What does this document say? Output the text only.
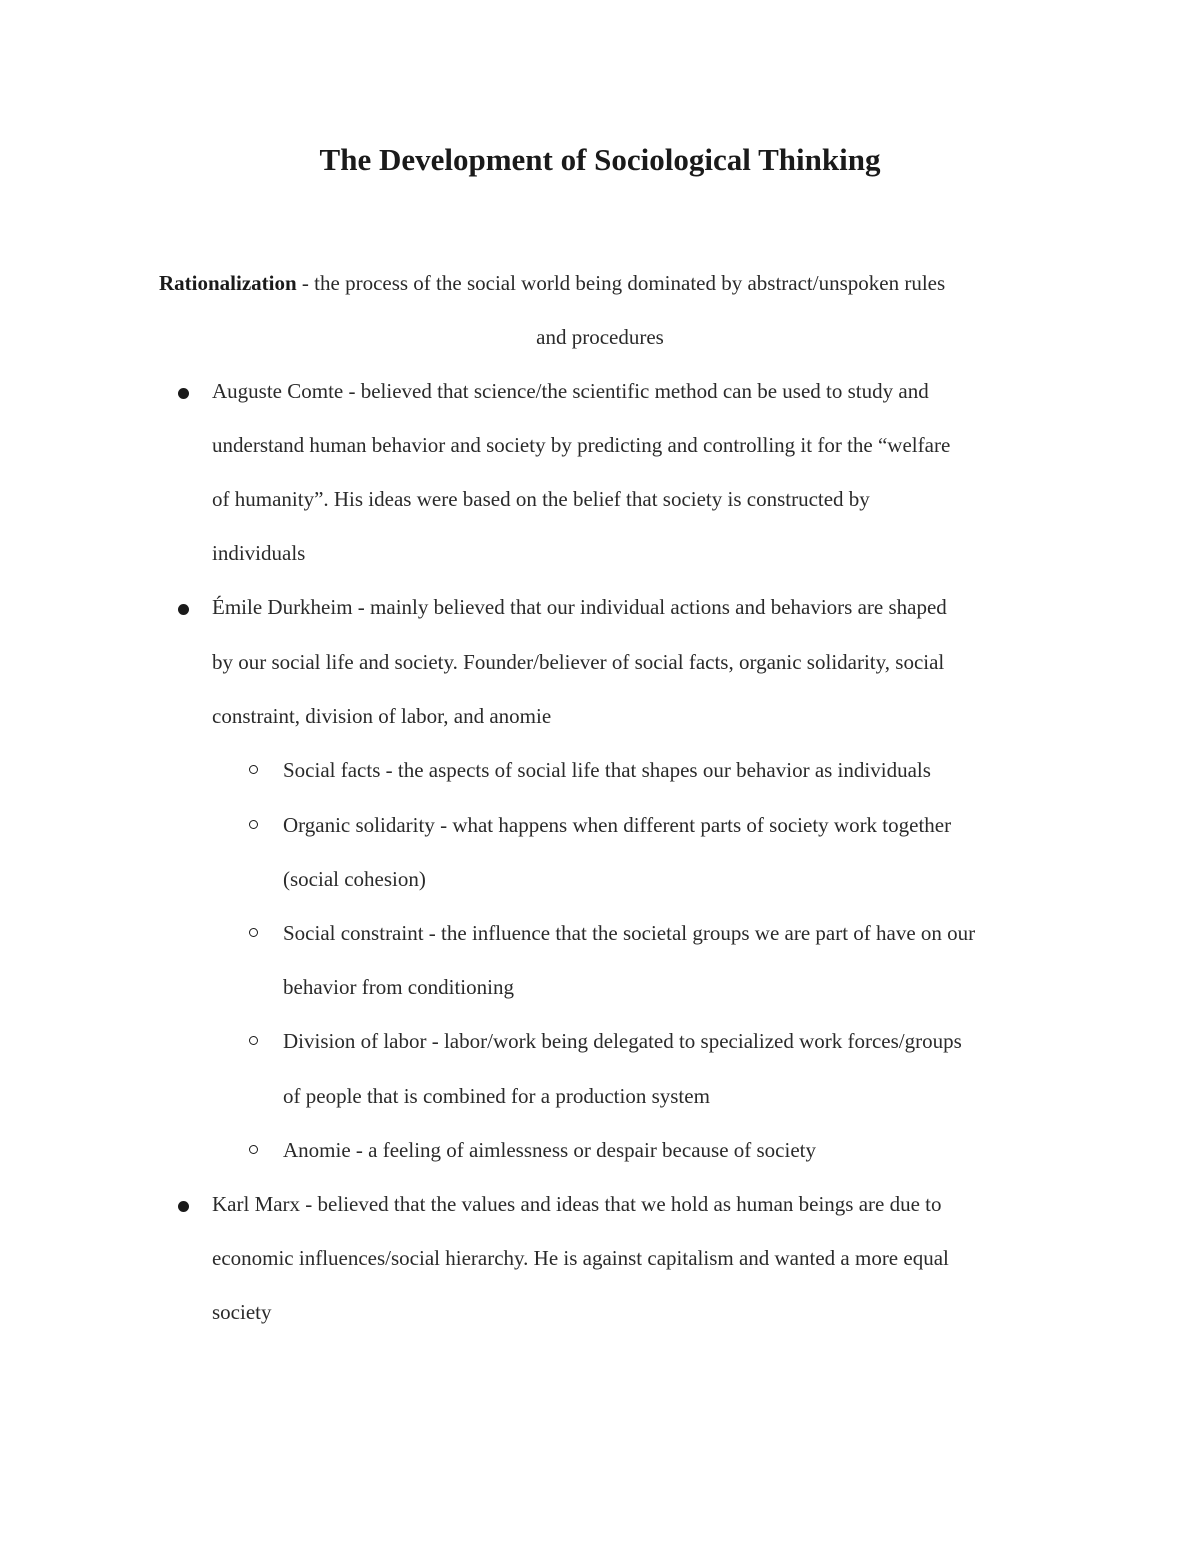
The Development of Sociological Thinking
Rationalization - the process of the social world being dominated by abstract/unspoken rules
and procedures
Auguste Comte - believed that science/the scientific method can be used to study and
understand human behavior and society by predicting and controlling it for the “welfare
of humanity”. His ideas were based on the belief that society is constructed by
individuals
Émile Durkheim - mainly believed that our individual actions and behaviors are shaped
by our social life and society. Founder/believer of social facts, organic solidarity, social
constraint, division of labor, and anomie
Social facts - the aspects of social life that shapes our behavior as individuals
Organic solidarity - what happens when different parts of society work together
(social cohesion)
Social constraint - the influence that the societal groups we are part of have on our
behavior from conditioning
Division of labor - labor/work being delegated to specialized work forces/groups
of people that is combined for a production system
Anomie - a feeling of aimlessness or despair because of society
Karl Marx - believed that the values and ideas that we hold as human beings are due to
economic influences/social hierarchy. He is against capitalism and wanted a more equal
society
